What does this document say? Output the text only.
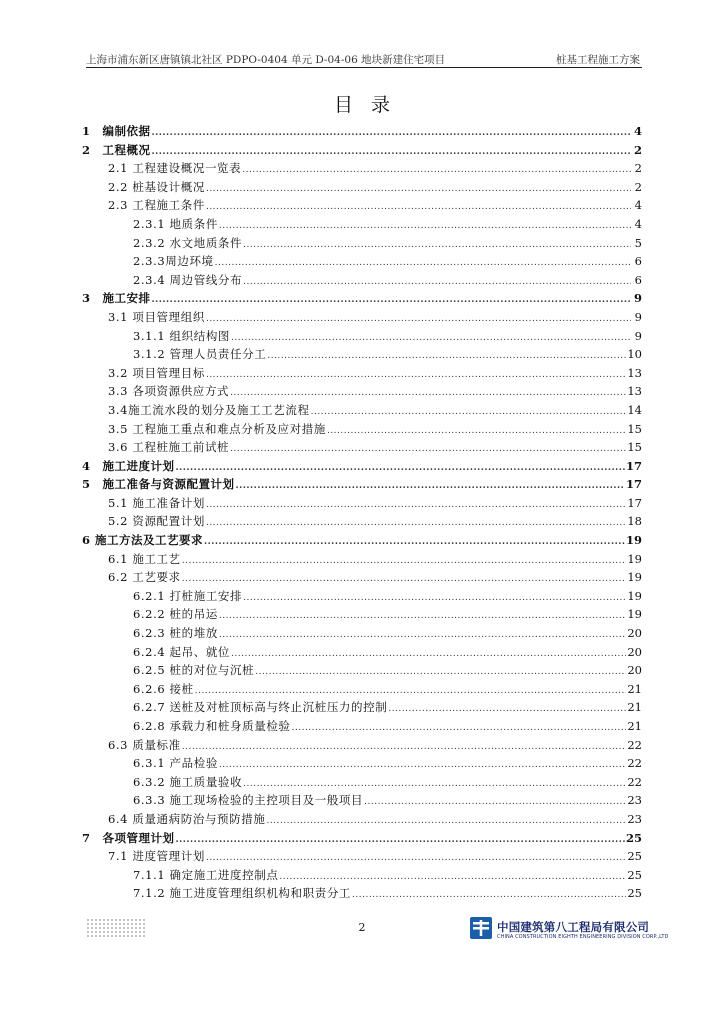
上海市浦东新区唐镇镇北社区 PDPO-0404 单元 D-04-06 地块新建住宅项目	桩基工程施工方案
目录
1　编制依据 .....	4
2　工程概况 .....	2
2.1 工程建设概况一览表 .....	2
2.2 桩基设计概况 .....	2
2.3 工程施工条件 .....	4
2.3.1 地质条件 .....	4
2.3.2 水文地质条件 .....	5
2.3.3周边环境 .....	6
2.3.4 周边管线分布 .....	6
3　施工安排 .....	9
3.1 项目管理组织 .....	9
3.1.1 组织结构图 .....	9
3.1.2 管理人员责任分工 .....	10
3.2 项目管理目标 .....	13
3.3 各项资源供应方式 .....	13
3.4施工流水段的划分及施工工艺流程 .....	14
3.5 工程施工重点和难点分析及应对措施 .....	15
3.6 工程桩施工前试桩 .....	15
4　施工进度计划 .....	17
5　施工准备与资源配置计划 .....	17
5.1 施工准备计划 .....	17
5.2 资源配置计划 .....	18
6 施工方法及工艺要求 .....	19
6.1 施工工艺 .....	19
6.2 工艺要求 .....	19
6.2.1 打桩施工安排 .....	19
6.2.2 桩的吊运 .....	19
6.2.3 桩的堆放 .....	20
6.2.4 起吊、就位 .....	20
6.2.5 桩的对位与沉桩 .....	20
6.2.6 接桩 .....	21
6.2.7 送桩及对桩顶标高与终止沉桩压力的控制 .....	21
6.2.8 承载力和桩身质量检验 .....	21
6.3 质量标准 .....	22
6.3.1 产品检验 .....	22
6.3.2 施工质量验收 .....	22
6.3.3 施工现场检验的主控项目及一般项目 .....	23
6.4 质量通病防治与预防措施 .....	23
7　各项管理计划 .....	25
7.1 进度管理计划 .....	25
7.1.1 确定施工进度控制点 .....	25
7.1.2 施工进度管理组织机构和职责分工 .....	25
2	中国建筑第八工程局有限公司
CHINA CONSTRUCTION EIGHTH ENGINEERING DIVISION CORP.,LTD
